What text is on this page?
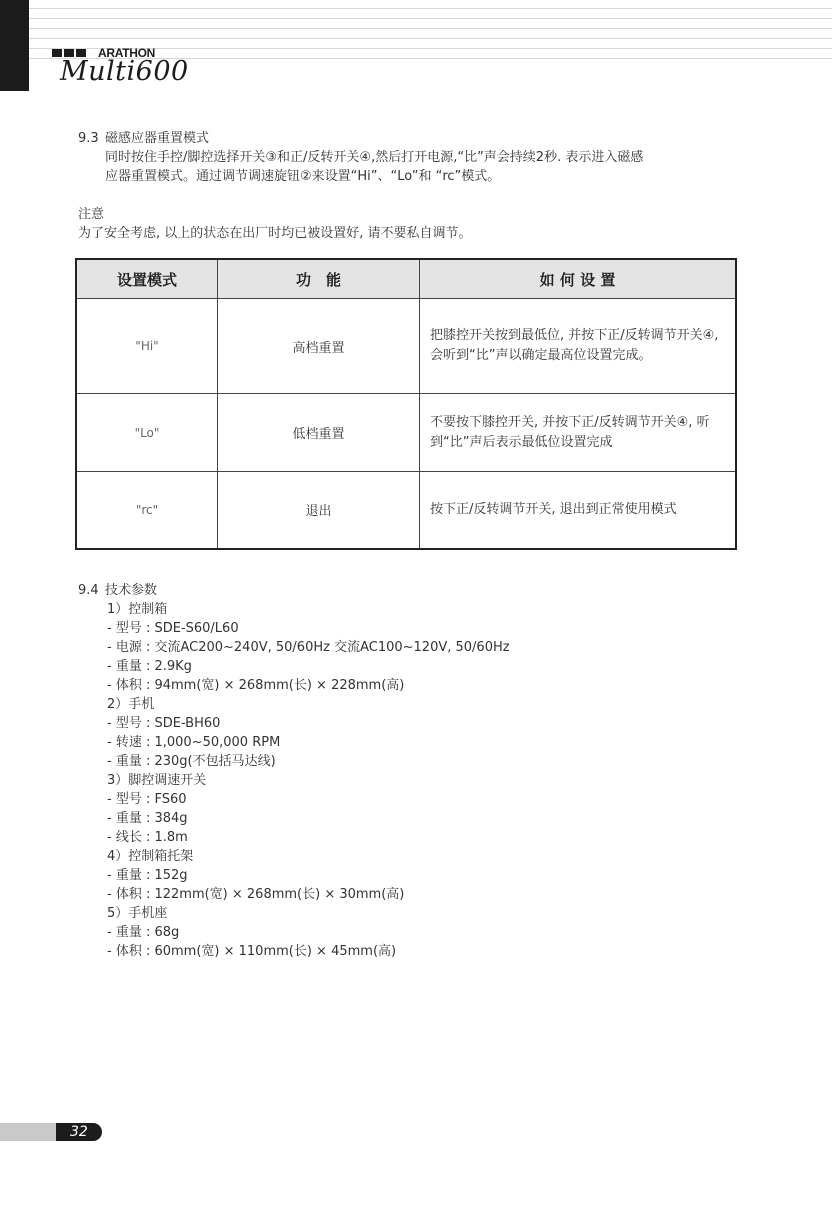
ARATHON
Multi600
9.3 磁感应器重置模式
同时按住手控/脚控选择开关③和正/反转开关④,然后打开电源,“比”声会持续2秒. 表示进入磁感
应器重置模式。通过调节调速旋钮②来设置“Hi”、“Lo”和 “rc”模式。
注意
为了安全考虑, 以上的状态在出厂时均已被设置好, 请不要私自调节。
设置模式	功　能	如 何 设 置
"Hi"	高档重置	把膝控开关按到最低位, 并按下正/反转调节开关④, 会听到“比”声以确定最高位设置完成。
"Lo"	低档重置	不要按下膝控开关, 并按下正/反转调节开关④, 听到“比”声后表示最低位设置完成
"rc"	退出	按下正/反转调节开关, 退出到正常使用模式
9.4 技术参数
1）控制箱
- 型号 : SDE-S60/L60
- 电源 : 交流AC200~240V, 50/60Hz 交流AC100~120V, 50/60Hz
- 重量 : 2.9Kg
- 体积 : 94mm(宽) × 268mm(长) × 228mm(高)
2）手机
- 型号 : SDE-BH60
- 转速 : 1,000~50,000 RPM
- 重量 : 230g(不包括马达线)
3）脚控调速开关
- 型号 : FS60
- 重量 : 384g
- 线长 : 1.8m
4）控制箱托架
- 重量 : 152g
- 体积 : 122mm(宽) × 268mm(长) × 30mm(高)
5）手机座
- 重量 : 68g
- 体积 : 60mm(宽) × 110mm(长) × 45mm(高)
32
